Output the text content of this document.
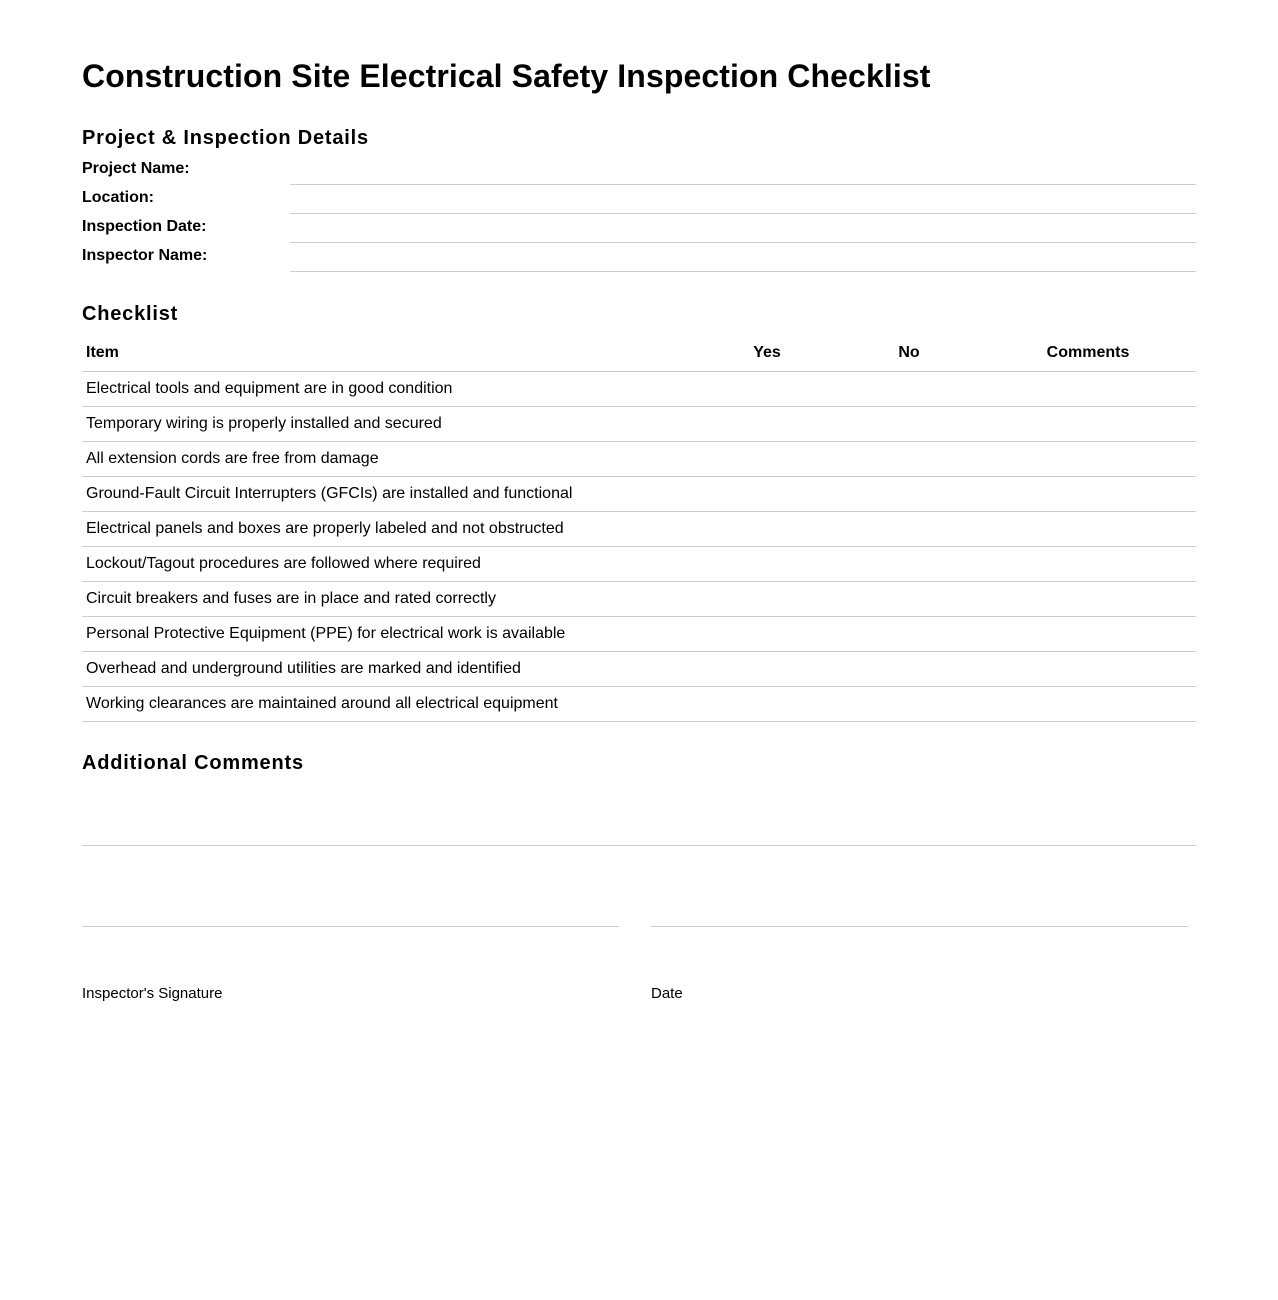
Construction Site Electrical Safety Inspection Checklist
Project & Inspection Details
Project Name:
Location:
Inspection Date:
Inspector Name:
Checklist
Item	Yes	No	Comments
Electrical tools and equipment are in good condition			
Temporary wiring is properly installed and secured			
All extension cords are free from damage			
Ground-Fault Circuit Interrupters (GFCIs) are installed and functional			
Electrical panels and boxes are properly labeled and not obstructed			
Lockout/Tagout procedures are followed where required			
Circuit breakers and fuses are in place and rated correctly			
Personal Protective Equipment (PPE) for electrical work is available			
Overhead and underground utilities are marked and identified			
Working clearances are maintained around all electrical equipment			
Additional Comments
Inspector's Signature	Date
